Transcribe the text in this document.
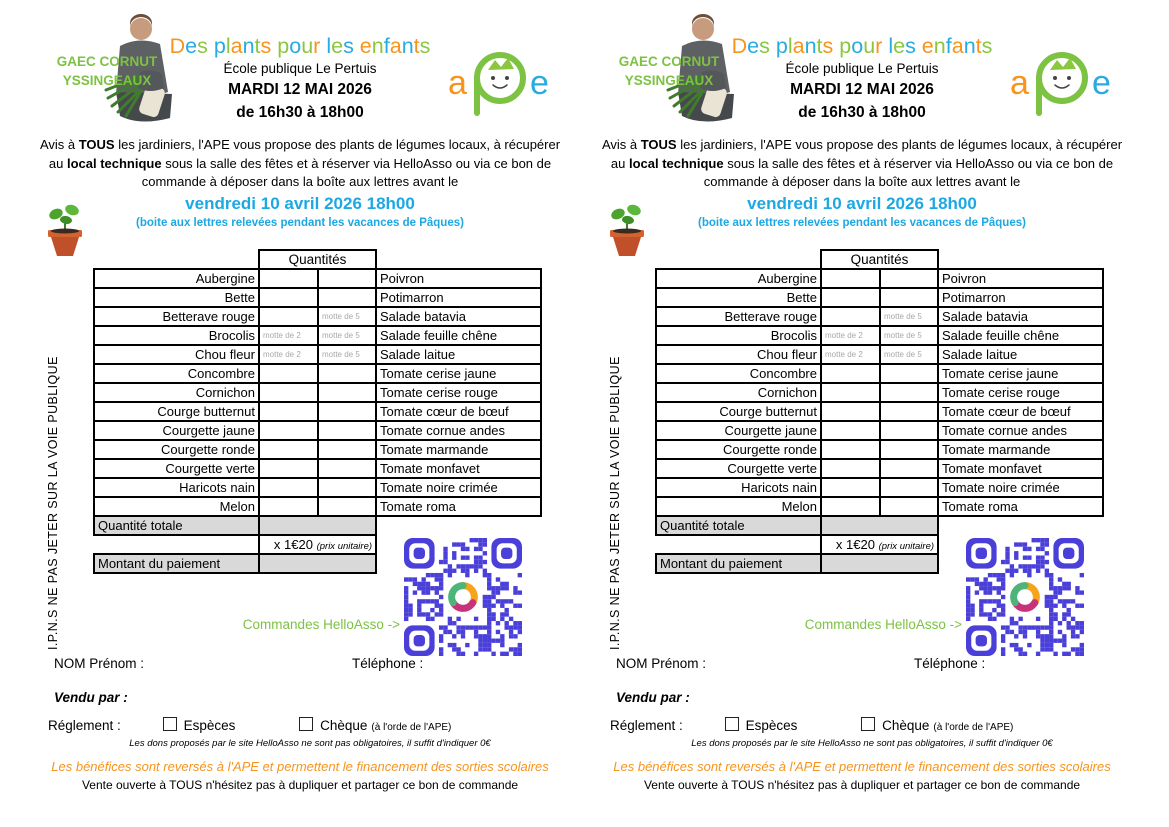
GAEC CORNUT
YSSINGEAUX
Des plants pour les enfants
École publique Le Pertuis
MARDI 12 MAI 2026
de 16h30 à 18h00
a e
Avis à TOUS les jardiniers, l'APE vous propose des plants de légumes locaux, à récupérer au local technique sous la salle des fêtes et à réserver via HelloAsso ou via ce bon de commande à déposer dans la boîte aux lettres avant le
vendredi 10 avril 2026 18h00
(boite aux lettres relevées pendant les vacances de Pâques)
I.P.N.S NE PAS JETER SUR LA VOIE PUBLIQUE
	Quantités		
Aubergine			Poivron
Bette			Potimarron
Betterave rouge		motte de 5	Salade batavia
Brocolis	motte de 2	motte de 5	Salade feuille chêne
Chou fleur	motte de 2	motte de 5	Salade laitue
Concombre			Tomate cerise jaune
Cornichon			Tomate cerise rouge
Courge butternut			Tomate cœur de bœuf
Courgette jaune			Tomate cornue andes
Courgette ronde			Tomate marmande
Courgette verte			Tomate monfavet
Haricots nain			Tomate noire crimée
Melon			Tomate roma
Quantité totale			
	x 1€20 (prix unitaire)		
Montant du paiement			
Commandes HelloAsso ->
NOM Prénom :	Téléphone :
Vendu par :
Réglement :	Espèces	Chèque (à l'orde de l'APE)
Les dons proposés par le site HelloAsso ne sont pas obligatoires, il suffit d'indiquer 0€
Les bénéfices sont reversés à l'APE et permettent le financement des sorties scolaires
Vente ouverte à TOUS n'hésitez pas à dupliquer et partager ce bon de commande
GAEC CORNUT
YSSINGEAUX
Des plants pour les enfants
École publique Le Pertuis
MARDI 12 MAI 2026
de 16h30 à 18h00
a e
Avis à TOUS les jardiniers, l'APE vous propose des plants de légumes locaux, à récupérer au local technique sous la salle des fêtes et à réserver via HelloAsso ou via ce bon de commande à déposer dans la boîte aux lettres avant le
vendredi 10 avril 2026 18h00
(boite aux lettres relevées pendant les vacances de Pâques)
I.P.N.S NE PAS JETER SUR LA VOIE PUBLIQUE
	Quantités		
Aubergine			Poivron
Bette			Potimarron
Betterave rouge		motte de 5	Salade batavia
Brocolis	motte de 2	motte de 5	Salade feuille chêne
Chou fleur	motte de 2	motte de 5	Salade laitue
Concombre			Tomate cerise jaune
Cornichon			Tomate cerise rouge
Courge butternut			Tomate cœur de bœuf
Courgette jaune			Tomate cornue andes
Courgette ronde			Tomate marmande
Courgette verte			Tomate monfavet
Haricots nain			Tomate noire crimée
Melon			Tomate roma
Quantité totale			
	x 1€20 (prix unitaire)		
Montant du paiement			
Commandes HelloAsso ->
NOM Prénom :	Téléphone :
Vendu par :
Réglement :	Espèces	Chèque (à l'orde de l'APE)
Les dons proposés par le site HelloAsso ne sont pas obligatoires, il suffit d'indiquer 0€
Les bénéfices sont reversés à l'APE et permettent le financement des sorties scolaires
Vente ouverte à TOUS n'hésitez pas à dupliquer et partager ce bon de commande
